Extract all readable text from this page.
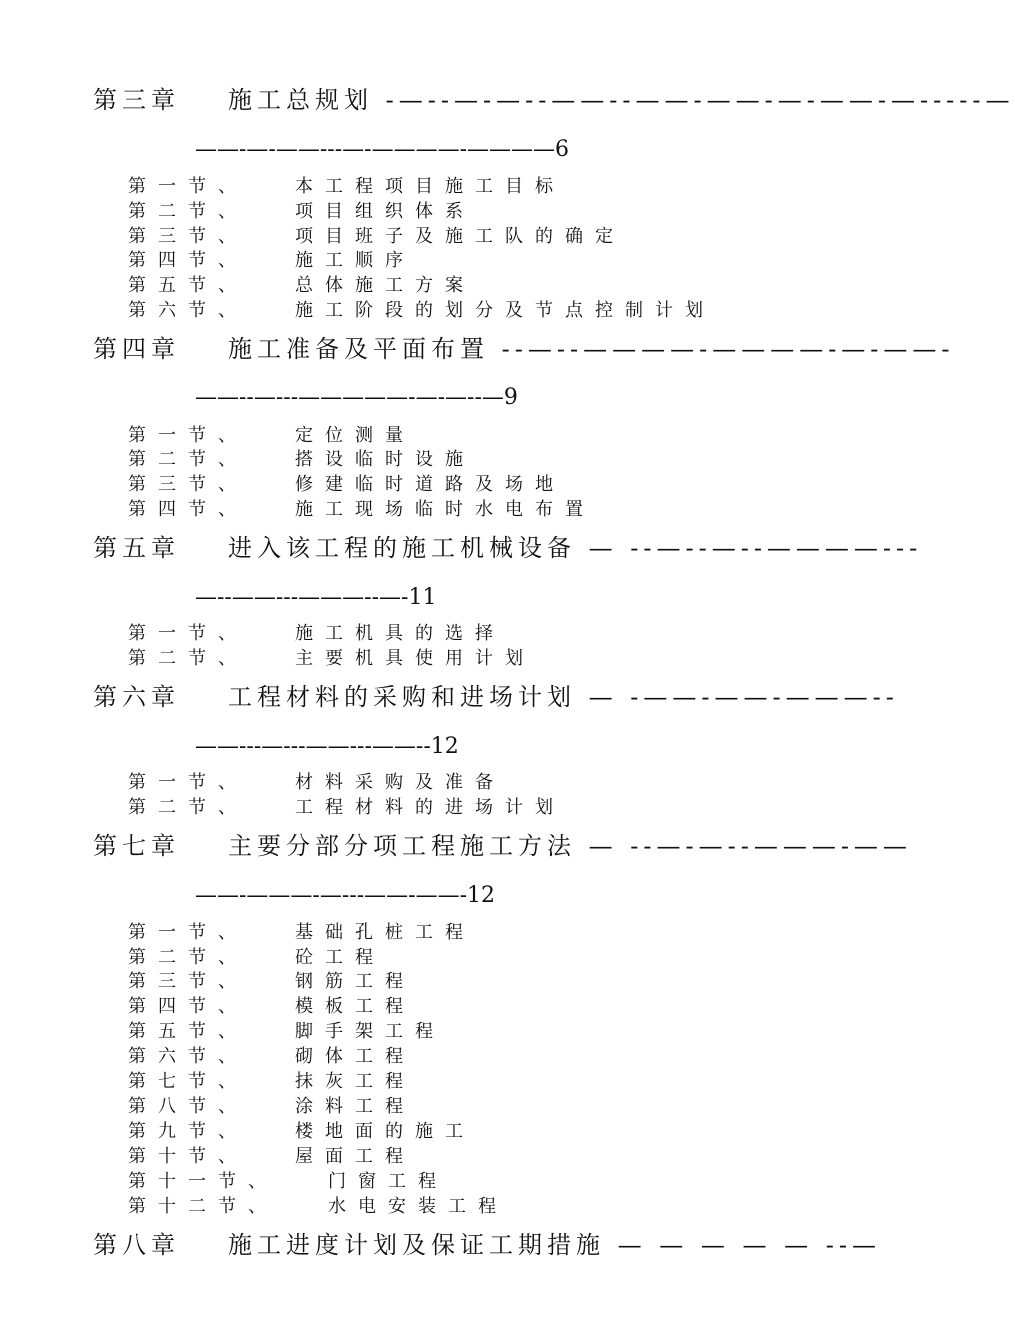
第三章 施工总规划 -—--—-—--——--——-——-—-——-—-----—
——-—-——---—-————-————6
第一节、	本工程项目施工目标
第二节、	项目组织体系
第三节、	项目班子及施工队的确定
第四节、	施工顺序
第五节、	总体施工方案
第六节、	施工阶段的划分及节点控制计划
第四章 施工准备及平面布置 --—--————-————-—-——-
——--—---—————-—-—--—9
第一节、	定位测量
第二节、	搭设临时设施
第三节、	修建临时道路及场地
第四节、	施工现场临时水电布置
第五章 进入该工程的施工机械设备 — --—--—--————---
—--——---———--—-11
第一节、	施工机具的选择
第二节、	主要机具使用计划
第六章 工程材料的采购和进场计划 — -——-——-———--
——---—---——---——--12
第一节、	材料采购及准备
第二节、	工程材料的进场计划
第七章 主要分部分项工程施工方法 — --—-—--———-——
——-———-—---——-——-12
第一节、	基础孔桩工程
第二节、	砼工程
第三节、	钢筋工程
第四节、	模板工程
第五节、	脚手架工程
第六节、	砌体工程
第七节、	抹灰工程
第八节、	涂料工程
第九节、	楼地面的施工
第十节、	屋面工程
第十一节、	门窗工程
第十二节、	水电安装工程
第八章 施工进度计划及保证工期措施 — — — — — --—
